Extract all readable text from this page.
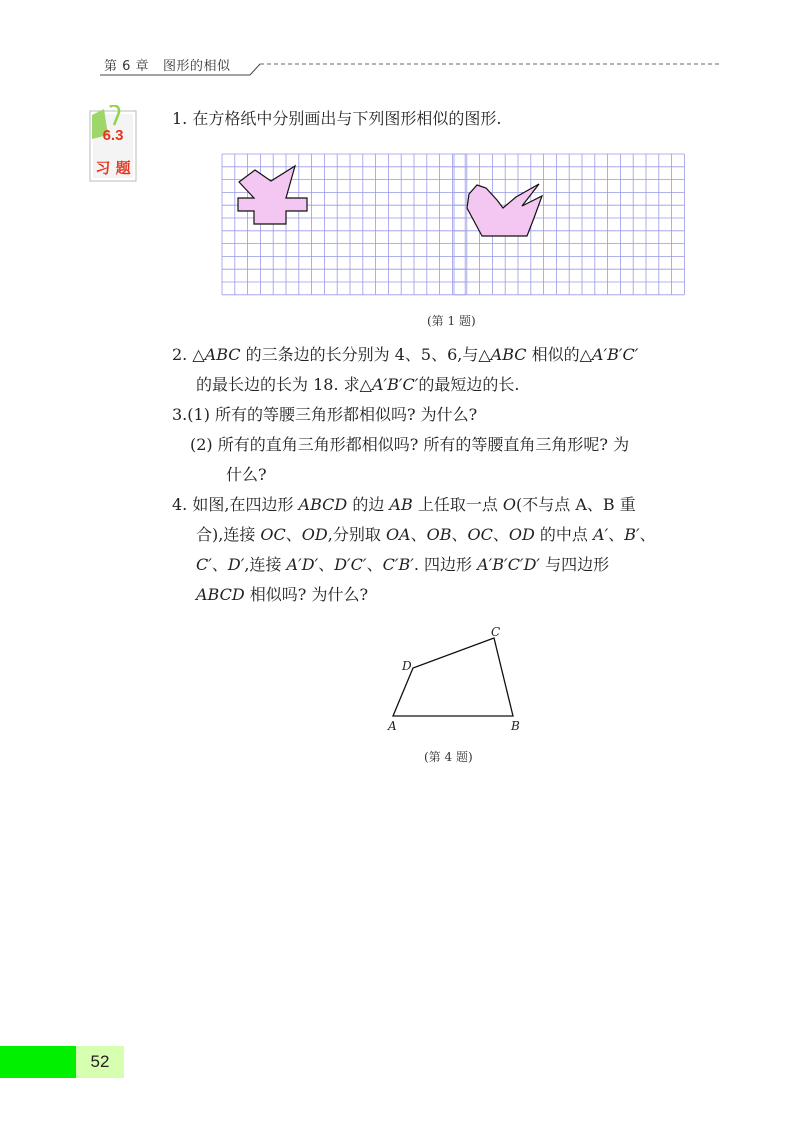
第 6 章 图形的相似
6.3
习 题
1. 在方格纸中分别画出与下列图形相似的图形.
(第 1 题)
2. △ABC 的三条边的长分别为 4、5、6,与△ABC 相似的△A′B′C′
的最长边的长为 18. 求△A′B′C′的最短边的长.
3.(1) 所有的等腰三角形都相似吗? 为什么?
(2) 所有的直角三角形都相似吗? 所有的等腰直角三角形呢? 为
什么?
4. 如图,在四边形 ABCD 的边 AB 上任取一点 O(不与点 A、B 重
合),连接 OC、OD,分别取 OA、OB、OC、OD 的中点 A′、B′、
C′、D′,连接 A′D′、D′C′、C′B′. 四边形 A′B′C′D′ 与四边形
ABCD 相似吗? 为什么?
A	B
C
D
(第 4 题)
52
